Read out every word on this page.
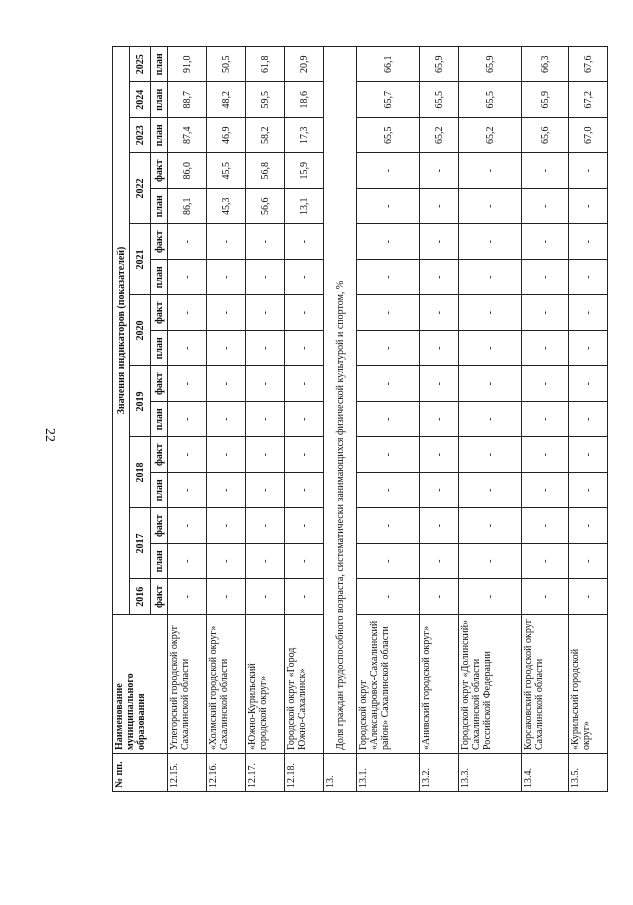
22
№ пп.	Наименование муниципального образования	Значения индикаторов (показателей)															
		2016	2017		2018		2019		2020		2021		2022		2023	2024	2025
		факт	план	факт	план	факт	план	факт	план	факт	план	факт	план	факт	план	план	план
12.15.	Углегорский городской округ Сахалинской области	-	-	-	-	-	-	-	-	-	-	-	86,1	86,0	87,4	88,7	91,0
12.16.	«Холмский городской округ» Сахалинской области	-	-	-	-	-	-	-	-	-	-	-	45,3	45,5	46,9	48,2	50,5
12.17.	«Южно-Курильский городской округ»	-	-	-	-	-	-	-	-	-	-	-	56,6	56,8	58,2	59,5	61,8
12.18.	Городской округ «Город Южно-Сахалинск»	-	-	-	-	-	-	-	-	-	-	-	13,1	15,9	17,3	18,6	20,9
13.	Доля граждан трудоспособного возраста, систематически занимающихся физической культурой и спортом, %																
13.1.	Городской округ «Александровск-Сахалинский район» Сахалинской области	-	-	-	-	-	-	-	-	-	-	-	-	-	65,5	65,7	66,1
13.2.	«Анивский городской округ»	-	-	-	-	-	-	-	-	-	-	-	-	-	65,2	65,5	65,9
13.3.	Городской округ «Долинский» Сахалинской области Российской Федерации	-	-	-	-	-	-	-	-	-	-	-	-	-	65,2	65,5	65,9
13.4.	Корсаковский городской округ Сахалинской области	-	-	-	-	-	-	-	-	-	-	-	-	-	65,6	65,9	66,3
13.5.	«Курильский городской округ»	-	-	-	-	-	-	-	-	-	-	-	-	-	67,0	67,2	67,6
